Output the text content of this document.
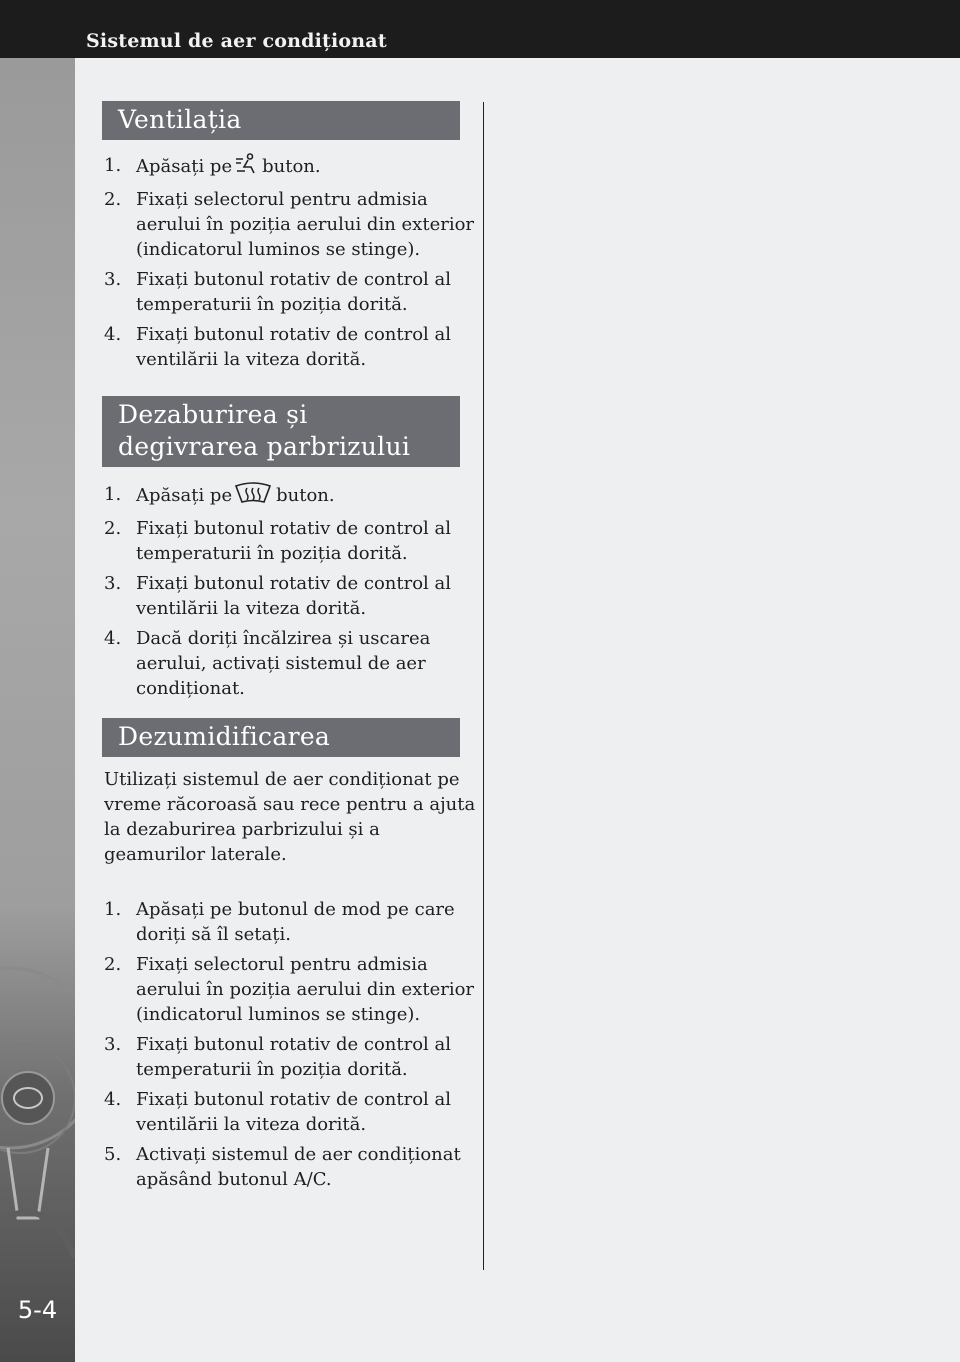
Sistemul de aer condiționat
5-4
Ventilația
1. Apăsați pe buton.
2. Fixați selectorul pentru admisia aerului în poziția aerului din exterior (indicatorul luminos se stinge).
3. Fixați butonul rotativ de control al temperaturii în poziția dorită.
4. Fixați butonul rotativ de control al ventilării la viteza dorită.
Dezaburirea și degivrarea parbrizului
1. Apăsați pe buton.
2. Fixați butonul rotativ de control al temperaturii în poziția dorită.
3. Fixați butonul rotativ de control al ventilării la viteza dorită.
4. Dacă doriți încălzirea și uscarea aerului, activați sistemul de aer condiționat.
Dezumidificarea
Utilizați sistemul de aer condiționat pe vreme răcoroasă sau rece pentru a ajuta la dezaburirea parbrizului și a geamurilor laterale.
1. Apăsați pe butonul de mod pe care doriți să îl setați.
2. Fixați selectorul pentru admisia aerului în poziția aerului din exterior (indicatorul luminos se stinge).
3. Fixați butonul rotativ de control al temperaturii în poziția dorită.
4. Fixați butonul rotativ de control al ventilării la viteza dorită.
5. Activați sistemul de aer condiționat apăsând butonul A/C.
